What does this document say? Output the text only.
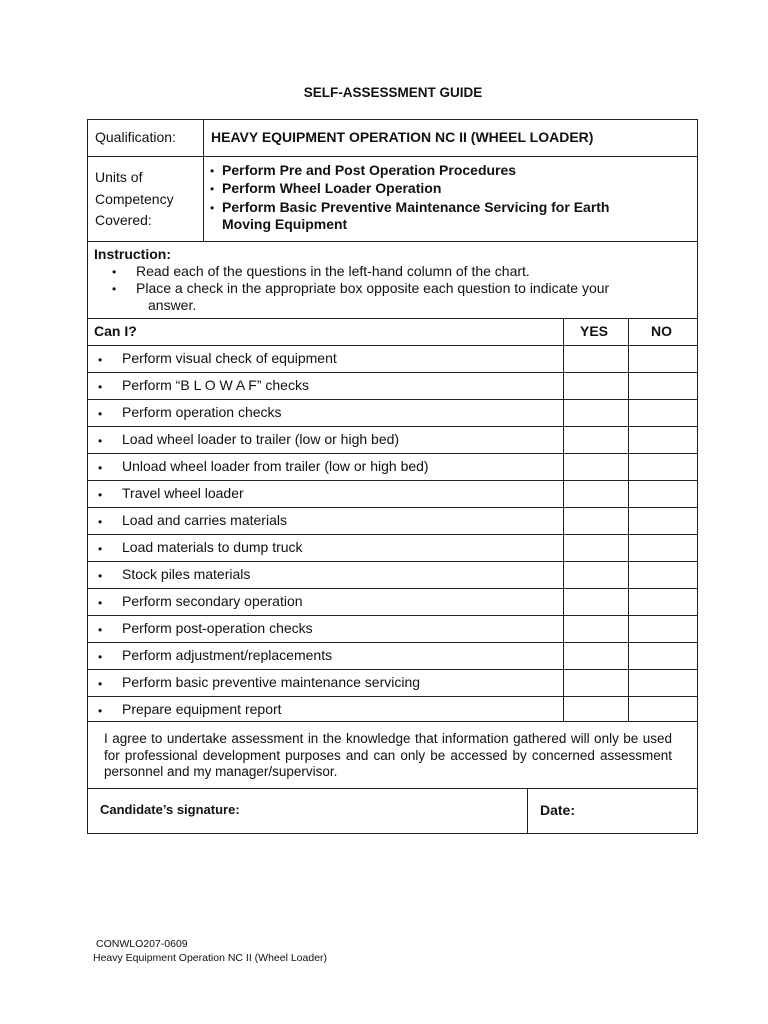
SELF-ASSESSMENT GUIDE
Qualification:	HEAVY EQUIPMENT OPERATION NC II (WHEEL LOADER)
Units of
Competency
Covered:
• Perform Pre and Post Operation Procedures
• Perform Wheel Loader Operation
• Perform Basic Preventive Maintenance Servicing for Earth
Moving Equipment
Instruction:
• Read each of the questions in the left-hand column of the chart.
• Place a check in the appropriate box opposite each question to indicate your
answer.
Can I?	YES	NO
• Perform visual check of equipment
• Perform “B L O W A F” checks
• Perform operation checks
• Load wheel loader to trailer (low or high bed)
• Unload wheel loader from trailer (low or high bed)
• Travel wheel loader
• Load and carries materials
• Load materials to dump truck
• Stock piles materials
• Perform secondary operation
• Perform post-operation checks
• Perform adjustment/replacements
• Perform basic preventive maintenance servicing
• Prepare equipment report
I agree to undertake assessment in the knowledge that information gathered will only be used for professional development purposes and can only be accessed by concerned assessment personnel and my manager/supervisor.
Candidate’s signature:	Date:
CONWLO207-0609
Heavy Equipment Operation NC II (Wheel Loader)
